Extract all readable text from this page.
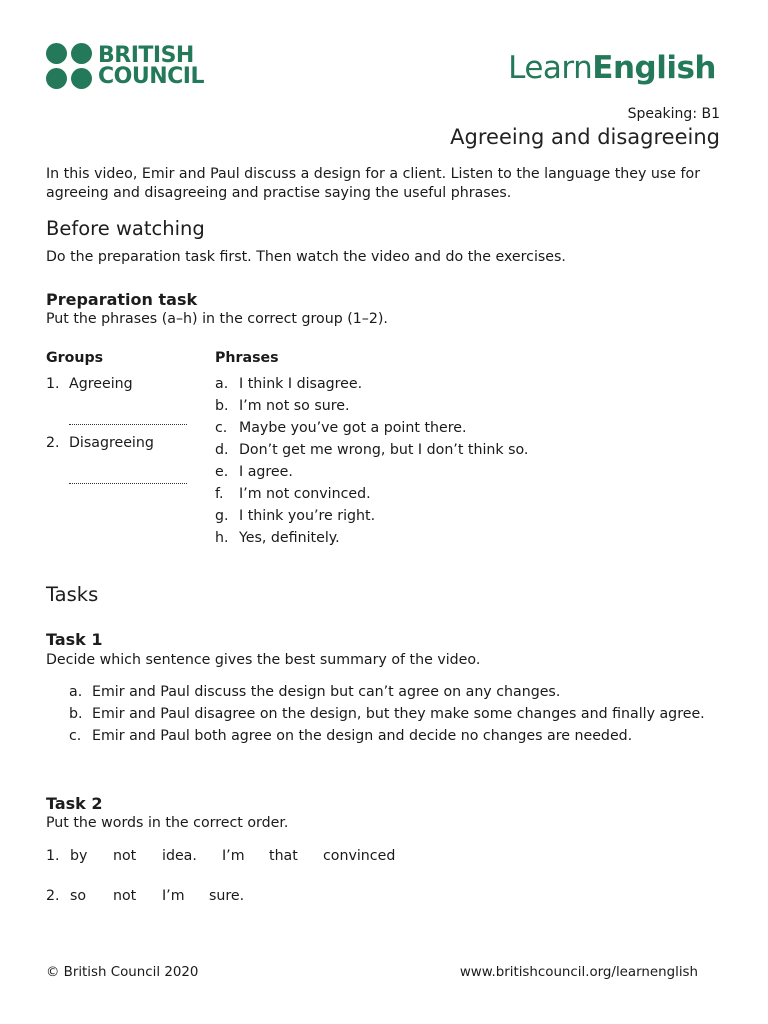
BRITISH
COUNCIL	LearnEnglish
Speaking: B1
Agreeing and disagreeing
In this video, Emir and Paul discuss a design for a client. Listen to the language they use for agreeing and disagreeing and practise saying the useful phrases.
Before watching
Do the preparation task first. Then watch the video and do the exercises.
Preparation task
Put the phrases (a–h) in the correct group (1–2).
Groups	Phrases
1. Agreeing
2. Disagreeing
a. I think I disagree.
b. I’m not so sure.
c. Maybe you’ve got a point there.
d. Don’t get me wrong, but I don’t think so.
e. I agree.
f.	I’m not convinced.
g. I think you’re right.
h. Yes, definitely.
Tasks
Task 1
Decide which sentence gives the best summary of the video.
a. Emir and Paul discuss the design but can’t agree on any changes.
b. Emir and Paul disagree on the design, but they make some changes and finally agree.
c. Emir and Paul both agree on the design and decide no changes are needed.
Task 2
Put the words in the correct order.
1. by not idea. I’m that convinced
2. so not I’m sure.
© British Council 2020	www.britishcouncil.org/learnenglish
